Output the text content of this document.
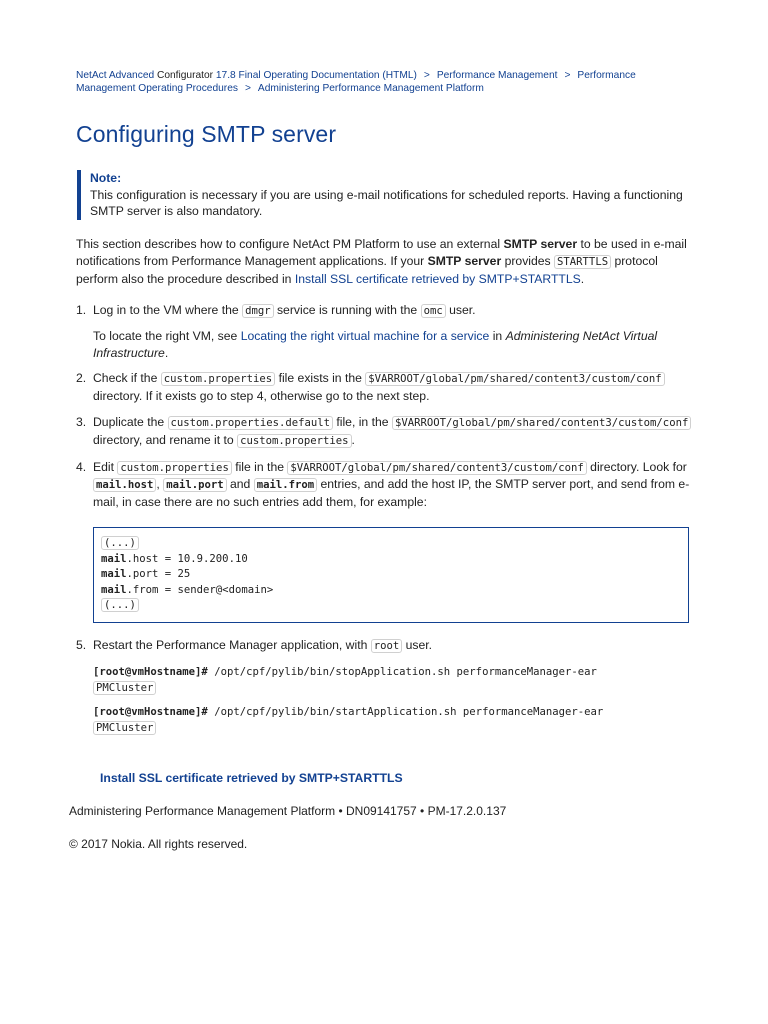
NetAct Advanced Configurator 17.8 Final Operating Documentation (HTML) > Performance Management > Performance Management Operating Procedures > Administering Performance Management Platform
Configuring SMTP server
Note:
This configuration is necessary if you are using e-mail notifications for scheduled reports. Having a functioning SMTP server is also mandatory.
This section describes how to configure NetAct PM Platform to use an external SMTP server to be used in e-mail notifications from Performance Management applications. If your SMTP server provides STARTTLS protocol perform also the procedure described in Install SSL certificate retrieved by SMTP+STARTTLS.
1. Log in to the VM where the dmgr service is running with the omc user.

To locate the right VM, see Locating the right virtual machine for a service in Administering NetAct Virtual Infrastructure.

2. Check if the custom.properties file exists in the $VARROOT/global/pm/shared/content3/custom/conf directory. If it exists go to step 4, otherwise go to the next step.

3. Duplicate the custom.properties.default file, in the $VARROOT/global/pm/shared/content3/custom/conf directory, and rename it to custom.properties .

4. Edit custom.properties file in the $VARROOT/global/pm/shared/content3/custom/conf directory. Look for mail.host , mail.port and mail.from entries, and add the host IP, the SMTP server port, and send from e-mail, in case there are no such entries add them, for example:

(...)
mail.host = 10.9.200.10
mail.port = 25
mail.from = sender@<domain>
(...)
5. Restart the Performance Manager application, with root user.

[root@vmHostname]# /opt/cpf/pylib/bin/stopApplication.sh performanceManager-ear
PMCluster
[root@vmHostname]# /opt/cpf/pylib/bin/startApplication.sh performanceManager-ear
PMCluster
Install SSL certificate retrieved by SMTP+STARTTLS
Administering Performance Management Platform • DN09141757 • PM-17.2.0.137
© 2017 Nokia. All rights reserved.
